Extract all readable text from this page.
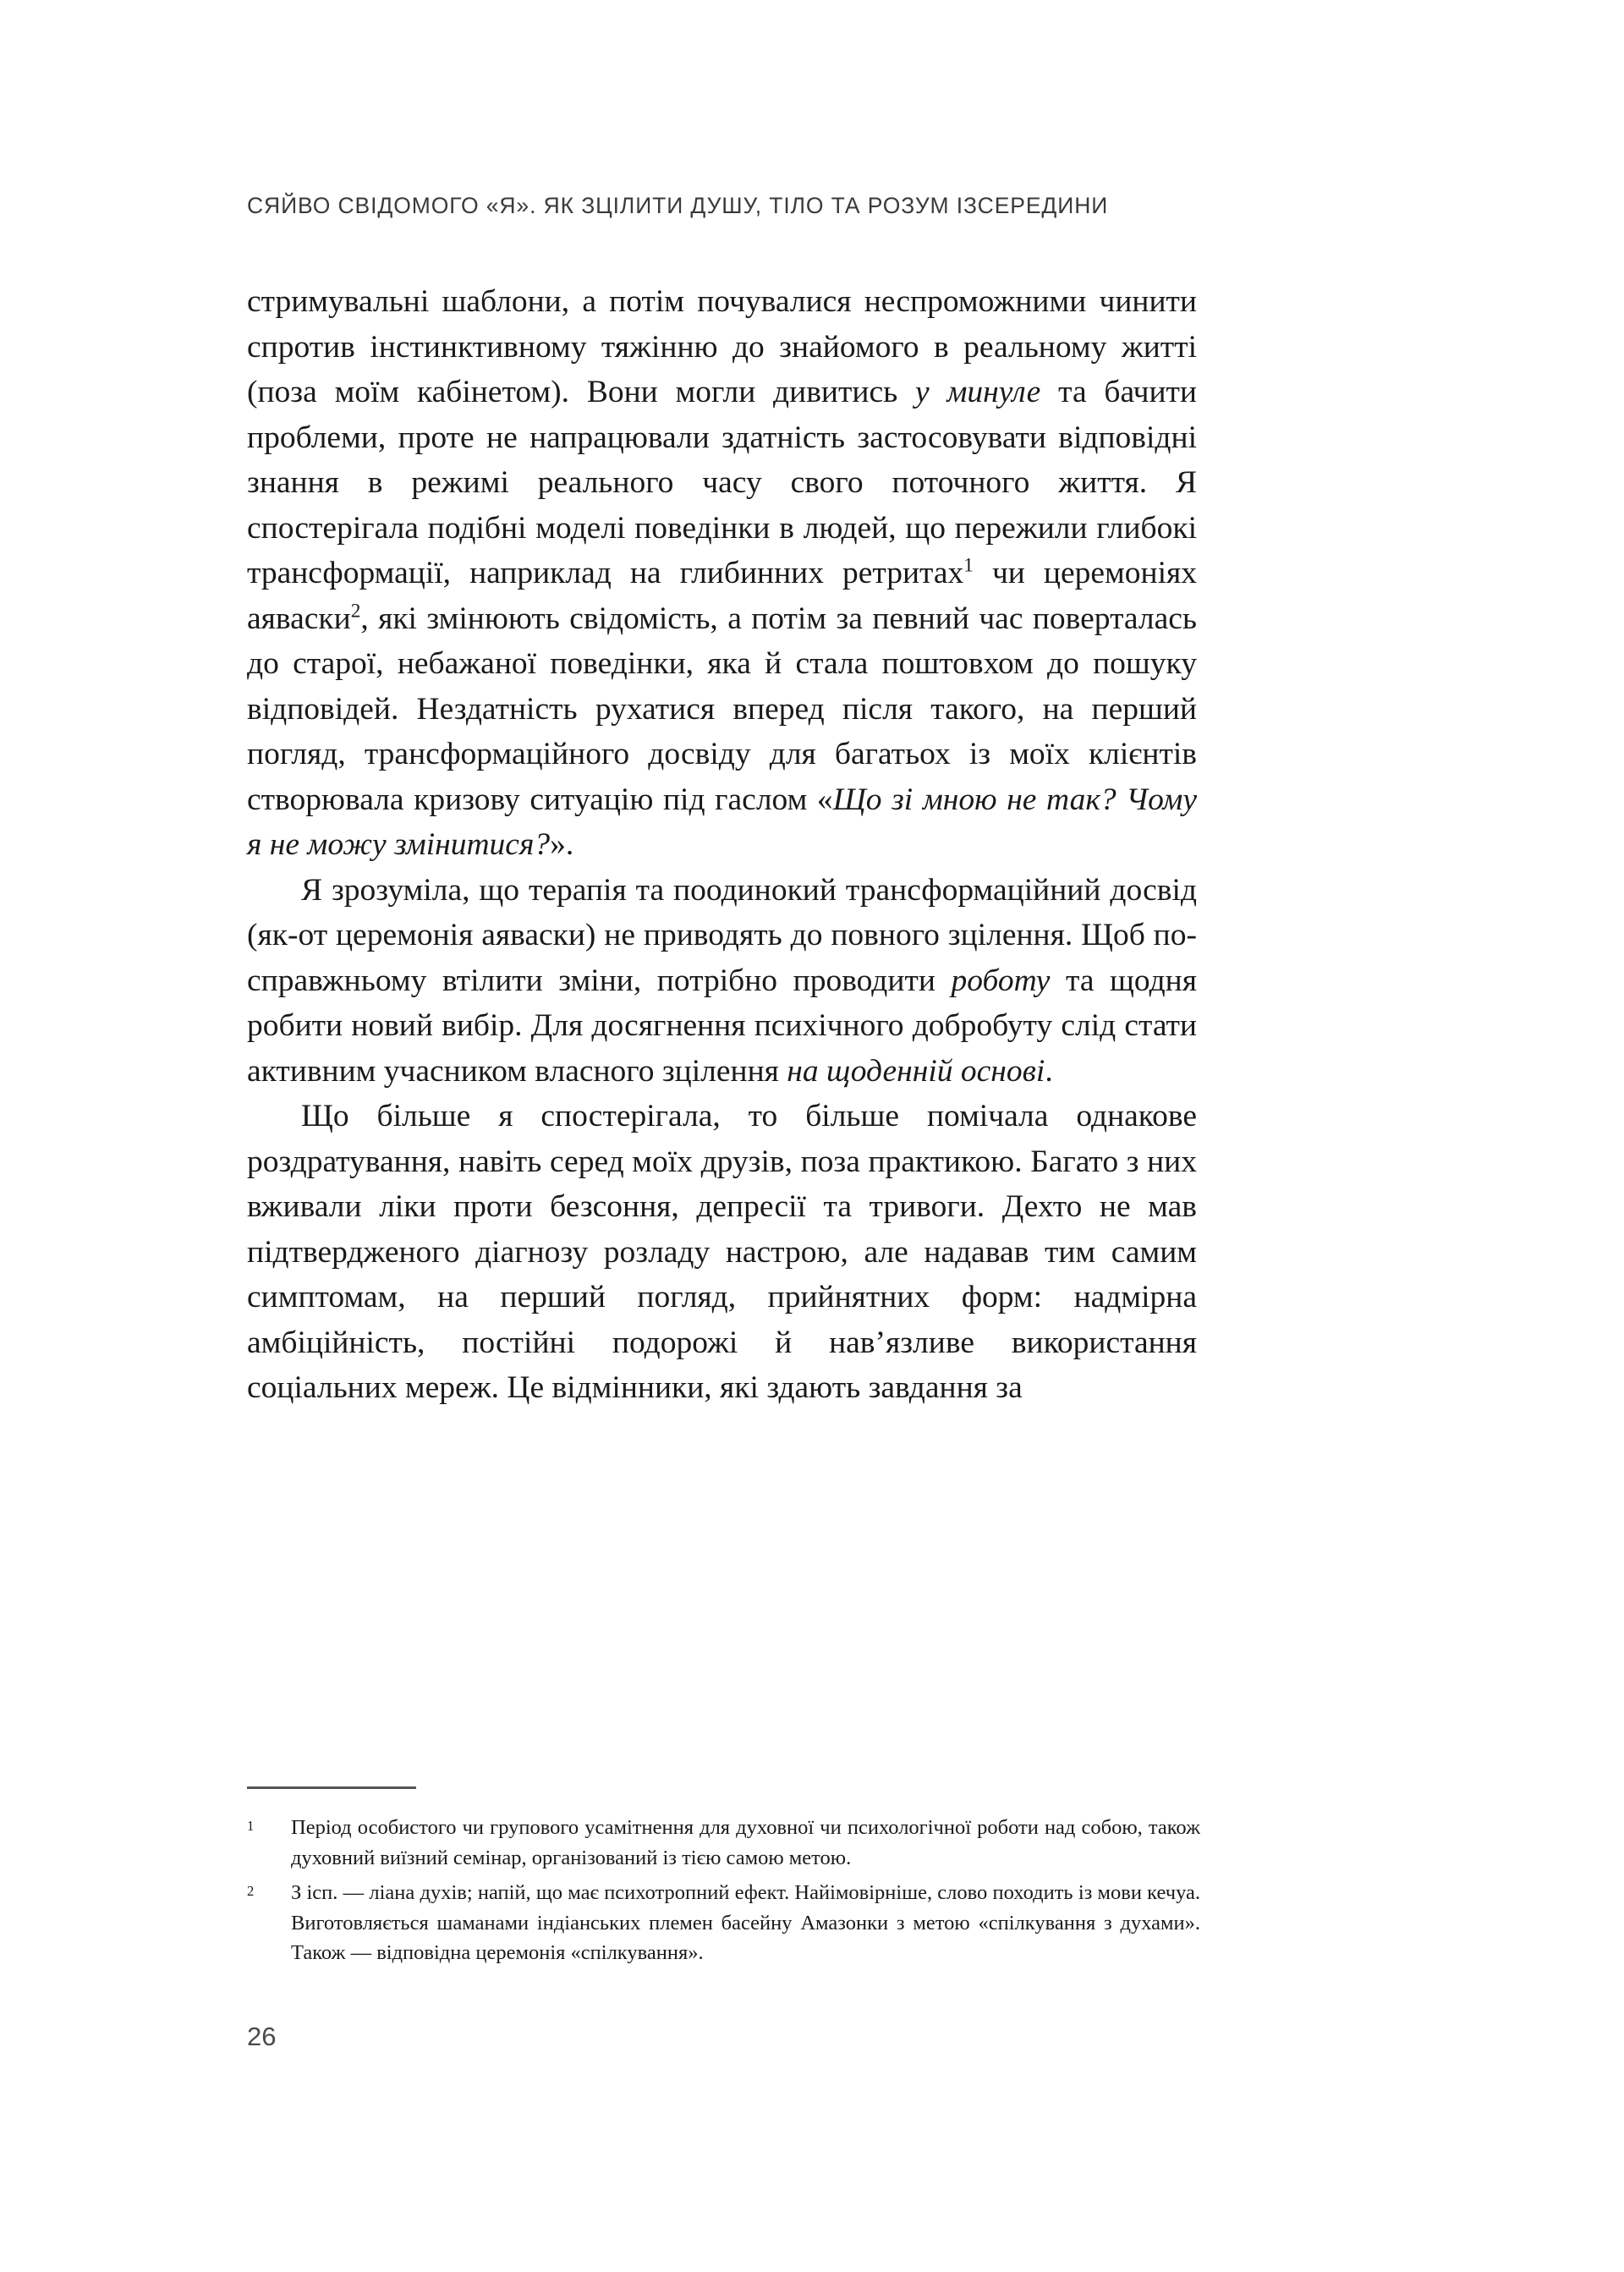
СЯЙВО СВІДОМОГО «Я». ЯК ЗЦІЛИТИ ДУШУ, ТІЛО ТА РОЗУМ ІЗСЕРЕДИНИ

стримувальні шаблони, а потім почувалися неспроможними чинити спротив інстинктивному тяжінню до знайомого в реальному житті (поза моїм кабінетом). Вони могли дивитись у минуле та бачити проблеми, проте не напрацювали здатність застосовувати відповідні знання в режимі реального часу свого поточного життя. Я спостерігала подібні моделі поведінки в людей, що пережили глибокі трансформації, наприклад на глибинних ретритах$^1$ чи церемоніях аяваски$^2$, які змінюють свідомість, а потім за певний час поверталась до старої, небажаної поведінки, яка й стала поштовхом до пошуку відповідей. Нездатність рухатися вперед після такого, на перший погляд, трансформаційного досвіду для багатьох із моїх клієнтів створювала кризову ситуацію під гаслом «Що зі мною не так? Чому я не можу змінитися?».

Я зрозуміла, що терапія та поодинокий трансформаційний досвід (як-от церемонія аяваски) не приводять до повного зцілення. Щоб по-справжньому втілити зміни, потрібно проводити роботу та щодня робити новий вибір. Для досягнення психічного добробуту слід стати активним учасником власного зцілення на щоденній основі.

Що більше я спостерігала, то більше помічала однакове роздратування, навіть серед моїх друзів, поза практикою. Багато з них вживали ліки проти безсоння, депресії та тривоги. Дехто не мав підтвердженого діагнозу розладу настрою, але надавав тим самим симптомам, на перший погляд, прийнятних форм: надмірна амбіційність, постійні подорожі й нав’язливе використання соціальних мереж. Це відмінники, які здають завдання за

1 Період особистого чи групового усамітнення для духовної чи психологічної роботи над собою, також духовний виїзний семінар, організований із тією самою метою.
2 З ісп. — ліана духів; напій, що має психотропний ефект. Найімовірніше, слово походить із мови кечуа. Виготовляється шаманами індіанських племен басейну Амазонки з метою «спілкування з духами». Також — відповідна церемонія «спілкування».
26
